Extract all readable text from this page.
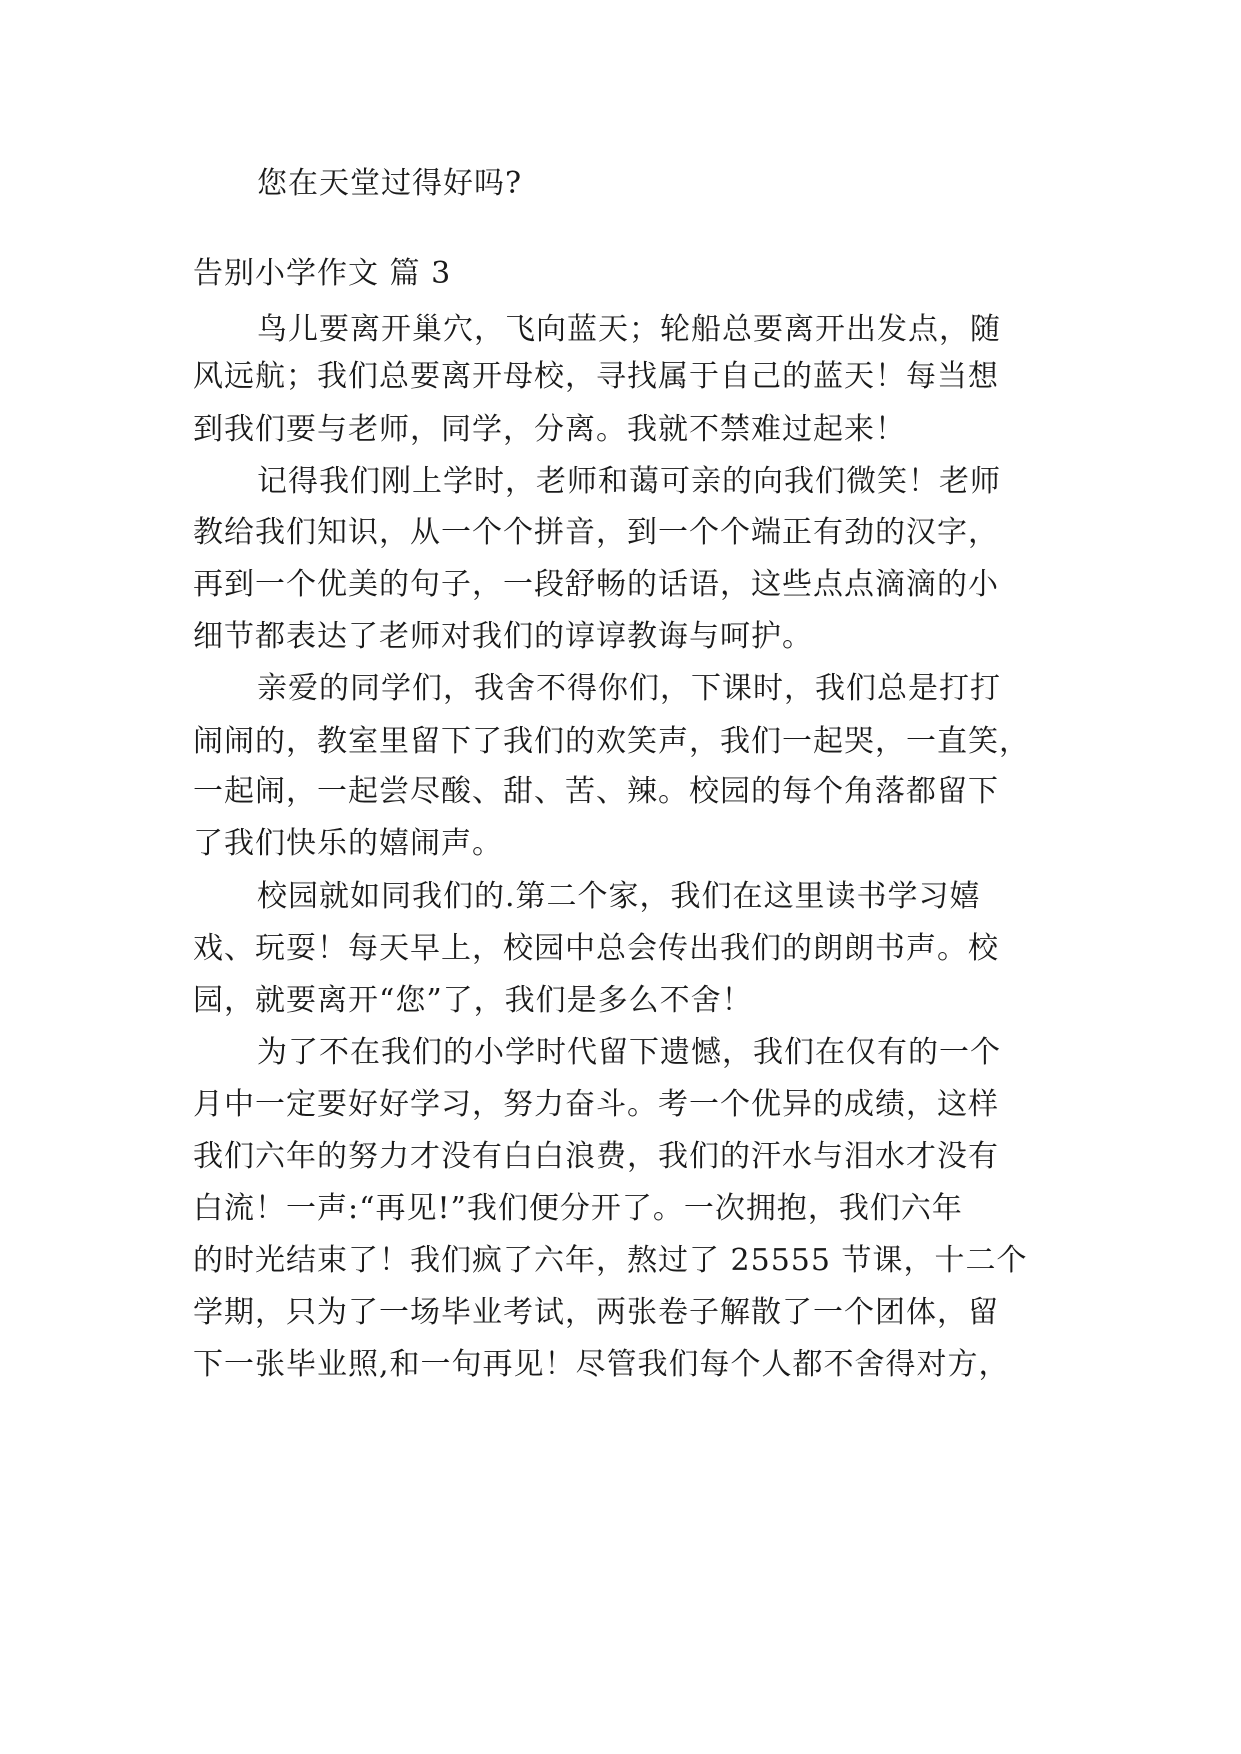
您在天堂过得好吗?
告别小学作文 篇 3
鸟儿要离开巢穴，飞向蓝天；轮船总要离开出发点，随
风远航；我们总要离开母校，寻找属于自己的蓝天！每当想
到我们要与老师，同学，分离。我就不禁难过起来！
记得我们刚上学时，老师和蔼可亲的向我们微笑！老师
教给我们知识，从一个个拼音，到一个个端正有劲的汉字，
再到一个优美的句子，一段舒畅的话语，这些点点滴滴的小
细节都表达了老师对我们的谆谆教诲与呵护。
亲爱的同学们，我舍不得你们，下课时，我们总是打打
闹闹的，教室里留下了我们的欢笑声，我们一起哭，一直笑，
一起闹，一起尝尽酸、甜、苦、辣。校园的每个角落都留下
了我们快乐的嬉闹声。
校园就如同我们的.第二个家，我们在这里读书学习嬉
戏、玩耍！每天早上，校园中总会传出我们的朗朗书声。校
园，就要离开“您”了，我们是多么不舍！
为了不在我们的小学时代留下遗憾，我们在仅有的一个
月中一定要好好学习，努力奋斗。考一个优异的成绩，这样
我们六年的努力才没有白白浪费，我们的汗水与泪水才没有
白流！一声:“再见!”我们便分开了。一次拥抱，我们六年
的时光结束了！我们疯了六年，熬过了 25555 节课，十二个
学期，只为了一场毕业考试，两张卷子解散了一个团体，留
下一张毕业照,和一句再见！尽管我们每个人都不舍得对方，
